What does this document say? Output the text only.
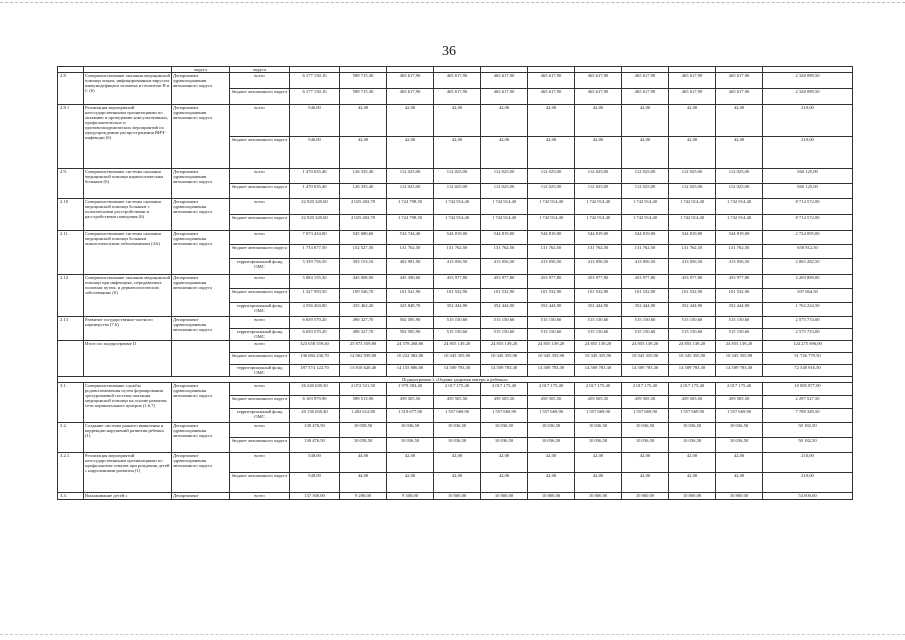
36
		округа	округа											
2.8	Совершенствование оказания медицинской помощи лицам, инфицированным вирусом иммунодефицита человека и гепатитов B и C (6)	Департамент здравоохранения автономного округа	всего	6 177 130,10	589 715,30	465 617,90	465 617,90	465 617,90	465 617,90	465 617,90	465 617,90	465 617,90	465 617,90	2 328 089,50
			бюджет автономного округа	6 177 130,10	589 715,30	465 617,90	465 617,90	465 617,90	465 617,90	465 617,90	465 617,90	465 617,90	465 617,90	2 328 089,50
2.8.1	Реализация мероприятий негосударственными организациями по оказанию и проведению консультативных, профилактических и противоэпидемических мероприятий по предупреждению распространения ВИЧ-инфекции (6)	Департамент здравоохранения автономного округа	всего	546,00	42,00	42,00	42,00	42,00	42,00	42,00	42,00	42,00	42,00	210,00
			бюджет автономного округа	546,00	42,00	42,00	42,00	42,00	42,00	42,00	42,00	42,00	42,00	210,00
2.9.	Совершенствование системы оказания медицинской помощи наркологическим больным (6)	Департамент здравоохранения автономного округа	всего	1 470 635,40	126 335,40	112 025,00	112 025,00	112 025,00	112 025,00	112 025,00	112 025,00	112 025,00	112 025,00	560 125,00
			бюджет автономного округа	1 470 635,40	126 335,40	112 025,00	112 025,00	112 025,00	112 025,00	112 025,00	112 025,00	112 025,00	112 025,00	560 125,00
2.10	Совершенствование системы оказания медицинской помощи больным с психическими расстройствами и расстройствами поведения (6)	Департамент здравоохранения автономного округа	всего	22 920 320,60	2 025 463,70	1 724 798,50	1 742 914,40	1 742 914,40	1 742 914,40	1 742 914,40	1 742 914,40	1 742 914,40	1 742 914,40	8 714 572,00
			бюджет автономного округа	22 920 320,60	2 025 463,70	1 724 798,50	1 742 914,40	1 742 914,40	1 742 914,40	1 742 914,40	1 742 914,40	1 742 914,40	1 742 914,40	8 714 572,00
2.11.	Совершенствование системы оказания медицинской помощи больным онкологическими заболеваниями (4,6)	Департамент здравоохранения автономного округа	всего	7 073 434,00	545 680,60	534 744,40	544 819,00	544 819,00	544 819,00	544 819,00	544 819,00	544 819,00	544 819,00	2 724 095,00
			бюджет автономного округа	1 733 677,50	152 527,50	131 762,50	131 762,50	131 762,50	131 762,50	131 762,50	131 762,50	131 762,50	131 762,50	658 812,50
			территориальный фонд ОМС	5 339 756,50	393 153,10	402 981,90	413 056,50	413 056,50	413 056,50	413 056,50	413 056,50	413 056,50	413 056,50	2 065 282,50
2.12.	Совершенствование оказания медицинской помощи при инфекциях, передаваемых половым путем, и дерматологических заболеваниях (6)	Департамент здравоохранения автономного округа	всего	5 884 155,30	445 008,90	445 390,60	453 977,80	453 977,80	453 977,80	453 977,80	453 977,80	453 977,80	453 977,80	2 269 889,00
			бюджет автономного округа	1 327 950,50	109 546,70	101 541,90	101 532,90	101 532,90	101 532,90	101 532,90	101 532,90	101 532,90	101 532,90	507 664,50
			территориальный фонд ОМС	4 556 204,80	335 462,20	343 848,70	352 444,90	352 444,90	352 444,90	352 444,90	352 444,90	352 444,90	352 444,90	1 762 224,50
2.13	Развитие государственно-частного партнерства (7,6)	Департамент здравоохранения автономного округа	всего	6 659 570,20	490 327,70	502 585,90	515 150,60	515 150,60	515 150,60	515 150,60	515 150,60	515 150,60	515 150,60	2 575 753,00
			территориальный фонд ОМС	6 659 570,20	490 327,70	502 585,90	515 150,60	515 150,60	515 150,60	515 150,60	515 150,60	515 150,60	515 150,60	2 575 753,00
	Итого по подпрограмме II		всего	323 658 559,40	25 873 559,80	24 378 268,80	24 855 139,20	24 855 139,20	24 855 139,20	24 855 139,20	24 855 139,20	24 855 139,20	24 855 139,20	124 275 696,00
			бюджет автономного округа	136 084 236,70	12 062 939,00	10 222 382,80	10 345 355,90	10 345 355,90	10 345 355,90	10 345 355,90	10 345 355,90	10 345 355,90	10 345 355,90	51 726 779,50
			территориальный фонд ОМС	187 574 122,70	13 810 620,40	14 155 886,00	14 509 783,30	14 509 783,30	14 509 783,30	14 509 783,30	14 509 783,30	14 509 783,30	14 509 783,30	72 548 916,50
Подпрограмма 3 «Охрана здоровья матери и ребенка»														
3.1.	Совершенствование службы родовспоможения путем формирования трехуровневой системы оказания медицинской помощи на основе развития сети перинатальных центров (1,6,7)	Департамент здравоохранения автономного округа	всего	26 240 639,30	2 072 521,50	1 979 383,40	2 017 175,40	2 017 175,40	2 017 175,40	2 017 175,40	2 017 175,40	2 017 175,40	2 017 175,40	10 085 877,00
			бюджет автономного округа	6 103 979,90	589 513,90	459 505,50	459 505,50	459 505,50	459 505,50	459 505,50	459 505,50	459 505,50	459 505,50	2 297 527,50
			территориальный фонд ОМС	20 136 659,40	1 482 612,80	1 519 677,90	1 557 669,90	1 557 669,90	1 557 669,90	1 557 669,90	1 557 669,90	1 557 669,90	1 557 669,90	7 788 349,50
3.2.	Создание системы раннего выявления и коррекции нарушений развития ребенка (1)	Департамент здравоохранения автономного округа	всего	130 476,50	10 058,50	10 036,50	10 036,50	10 036,50	10 036,50	10 036,50	10 036,50	10 036,50	10 036,50	50 182,50
			бюджет автономного округа	130 476,50	10 058,50	10 036,50	10 036,50	10 036,50	10 036,50	10 036,50	10 036,50	10 036,50	10 036,50	50 182,50
3.2.1.	Реализация мероприятий негосударственными организациями по профилактике отказов при рождении детей с нарушениями развития (1)	Департамент здравоохранения автономного округа	всего	548,00	44,00	42,00	42,00	42,00	42,00	42,00	42,00	42,00	42,00	210,00
			бюджет автономного округа	548,00	44,00	42,00	42,00	42,00	42,00	42,00	42,00	42,00	42,00	210,00
3.3.	Выхаживание детей с	Департамент	всего	137 300,00	9 200,00	9 300,00	10 800,00	10 800,00	10 800,00	10 800,00	10 800,00	10 800,00	10 800,00	54 000,00
